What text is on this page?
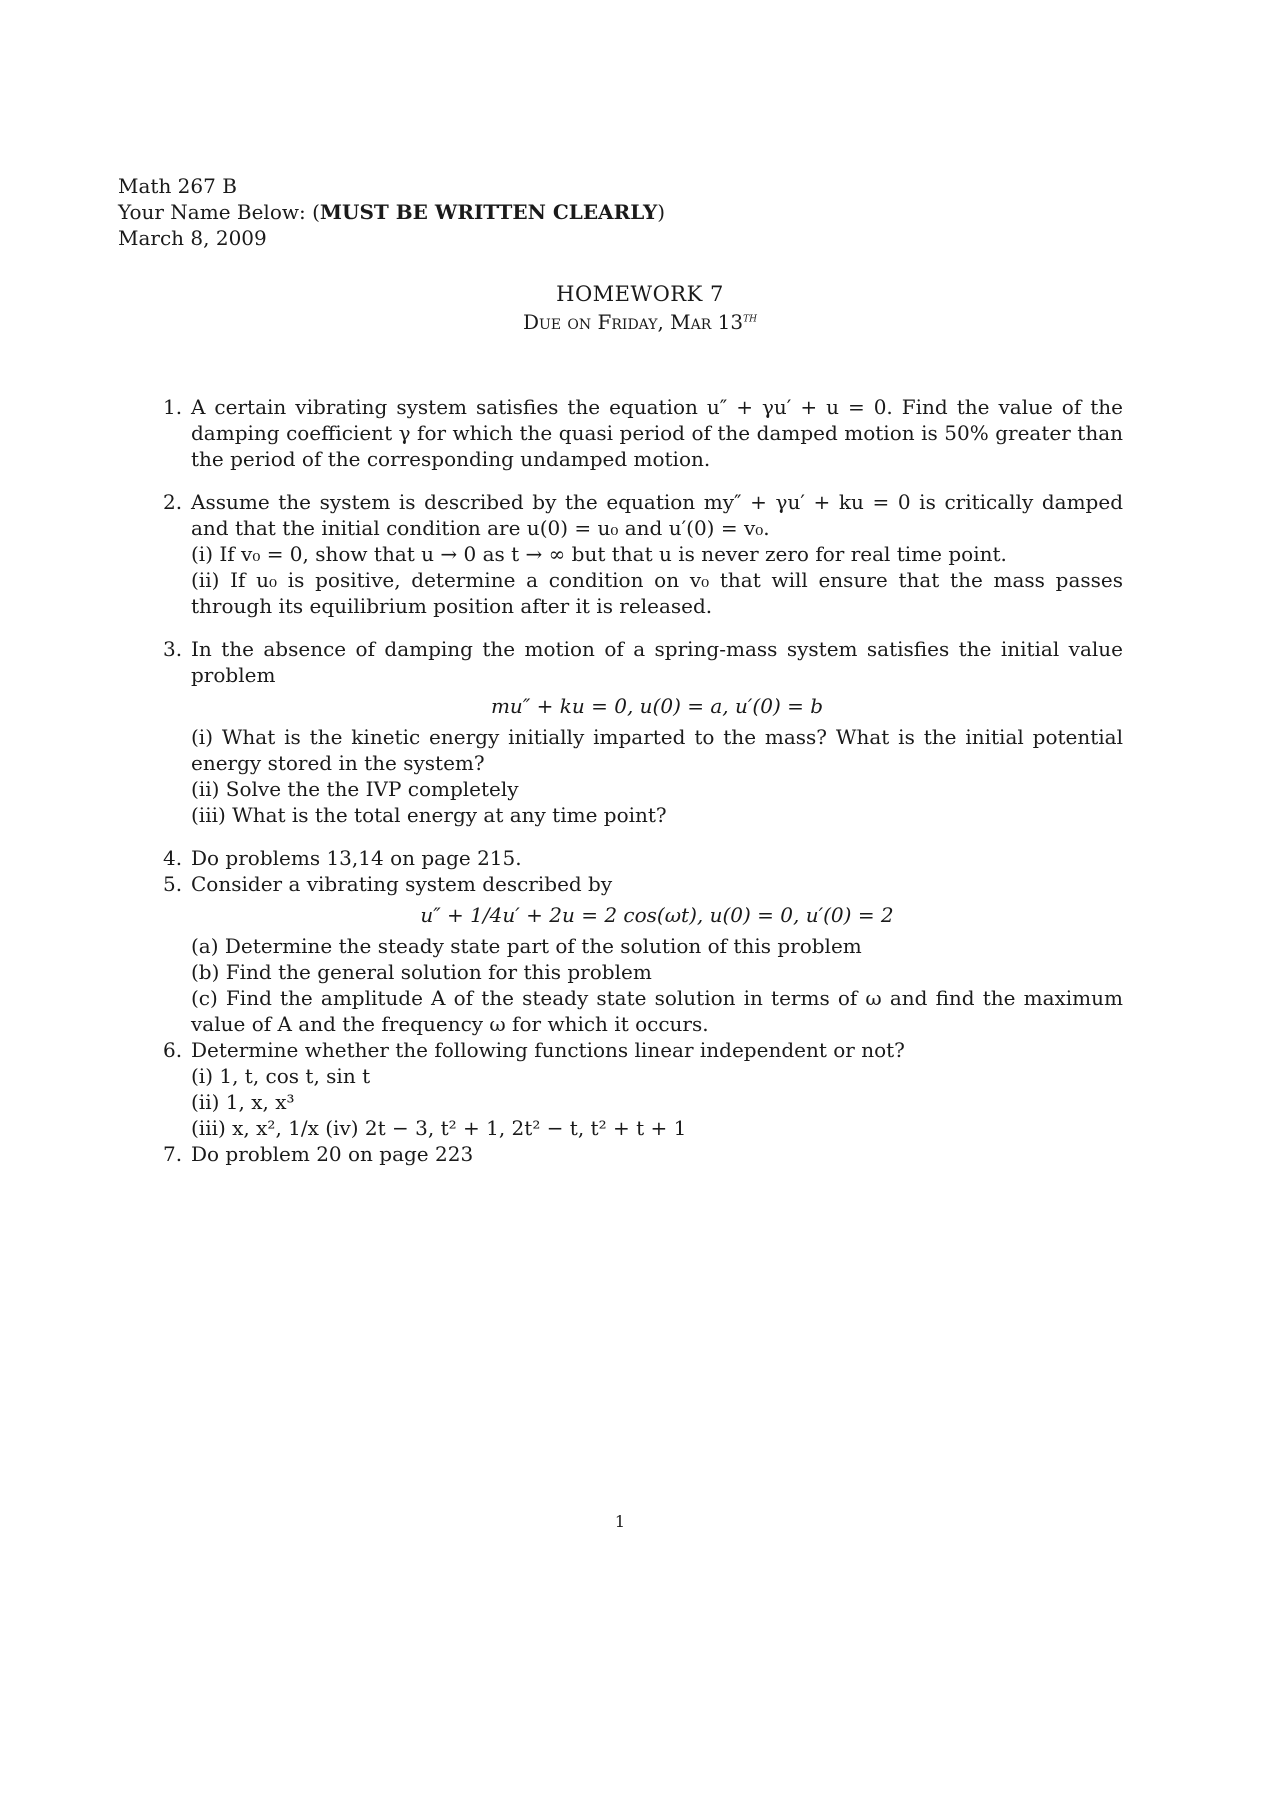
Math 267 B
Your Name Below: (MUST BE WRITTEN CLEARLY)
March 8, 2009
HOMEWORK 7
Due on Friday, Mar 13th
1. A certain vibrating system satisfies the equation u″ + γu′ + u = 0. Find the value of the damping coefficient γ for which the quasi period of the damped motion is 50% greater than the period of the corresponding undamped motion.
2. Assume the system is described by the equation my″ + γu′ + ku = 0 is critically damped and that the initial condition are u(0) = u₀ and u′(0) = v₀.
(i) If v₀ = 0, show that u → 0 as t → ∞ but that u is never zero for real time point.
(ii) If u₀ is positive, determine a condition on v₀ that will ensure that the mass passes through its equilibrium position after it is released.
3. In the absence of damping the motion of a spring-mass system satisfies the initial value problem
mu″ + ku = 0, u(0) = a, u′(0) = b
(i) What is the kinetic energy initially imparted to the mass? What is the initial potential energy stored in the system?
(ii) Solve the the IVP completely
(iii) What is the total energy at any time point?
4. Do problems 13,14 on page 215.
5. Consider a vibrating system described by
u″ + 1/4u′ + 2u = 2 cos(ωt), u(0) = 0, u′(0) = 2
(a) Determine the steady state part of the solution of this problem
(b) Find the general solution for this problem
(c) Find the amplitude A of the steady state solution in terms of ω and find the maximum value of A and the frequency ω for which it occurs.
6. Determine whether the following functions linear independent or not?
(i) 1, t, cos t, sin t
(ii) 1, x, x³
(iii) x, x², 1/x (iv) 2t − 3, t² + 1, 2t² − t, t² + t + 1
7. Do problem 20 on page 223
1
